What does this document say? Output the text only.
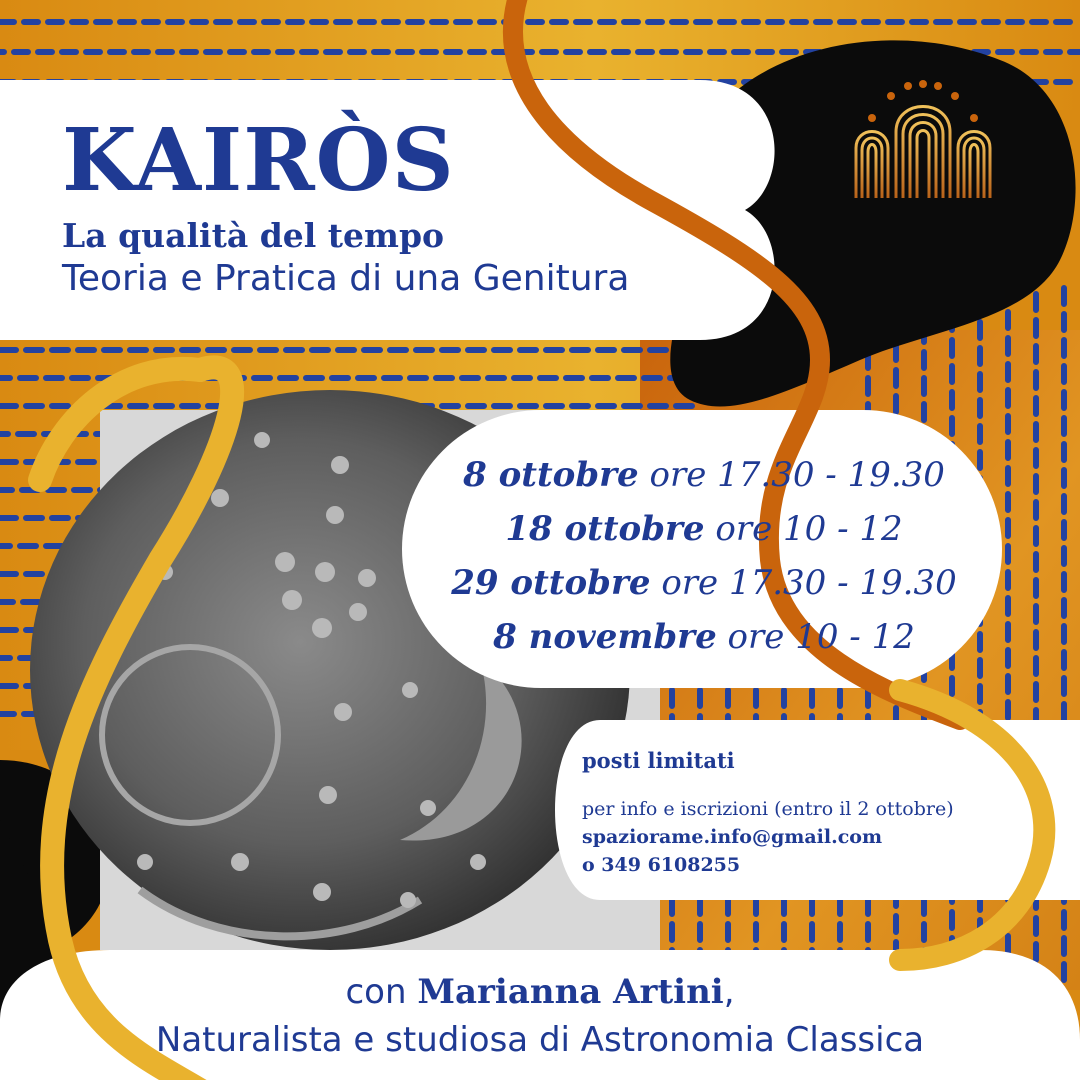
KAIRÒS
La qualità del tempo
Teoria e Pratica di una Genitura
8 ottobre ore 17.30 - 19.30
18 ottobre ore 10 - 12
29 ottobre ore 17.30 - 19.30
8 novembre ore 10 - 12
posti limitati
per info e iscrizioni (entro il 2 ottobre)
spaziorame.info@gmail.com
o 349 6108255
con Marianna Artini,
Naturalista e studiosa di Astronomia Classica
